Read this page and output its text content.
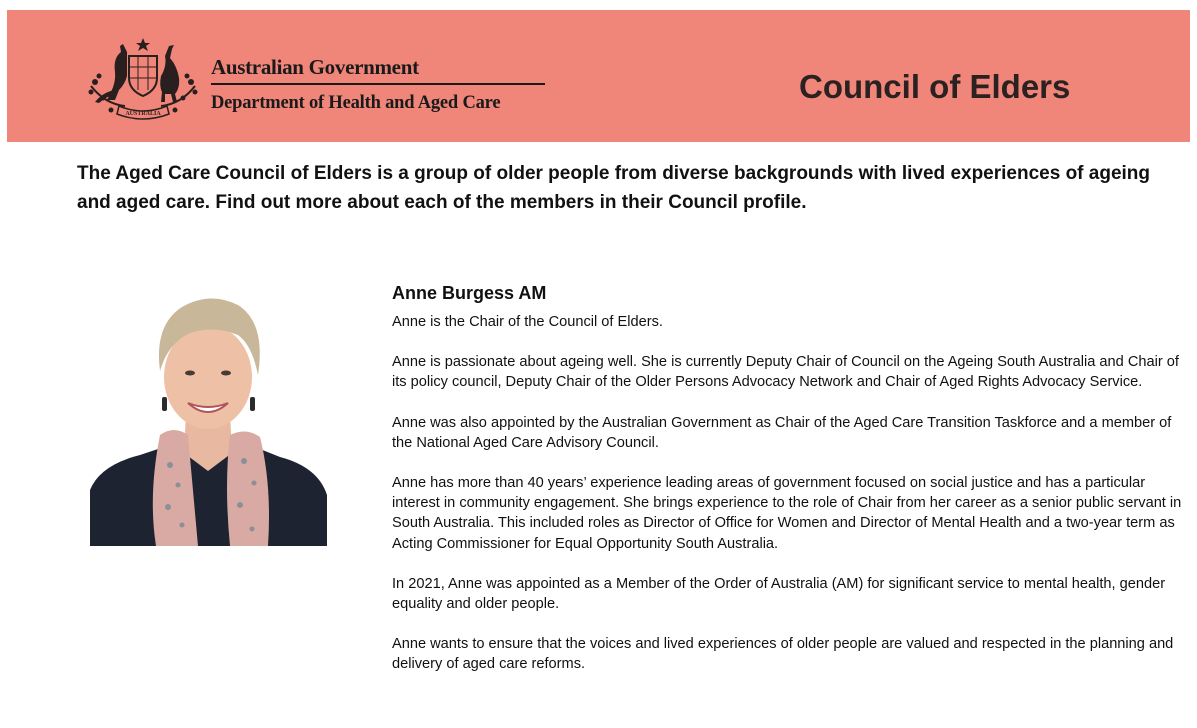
AUSTRALIA
Australian Government
Department of Health and Aged Care	Council of Elders

The Aged Care Council of Elders is a group of older people from diverse backgrounds with lived experiences of ageing and aged care. Find out more about each of the members in their Council profile.

Anne Burgess AM

Anne is the Chair of the Council of Elders.

Anne is passionate about ageing well. She is currently Deputy Chair of Council on the Ageing South Australia and Chair of its policy council, Deputy Chair of the Older Persons Advocacy Network and Chair of Aged Rights Advocacy Service.

Anne was also appointed by the Australian Government as Chair of the Aged Care Transition Taskforce and a member of the National Aged Care Advisory Council.

Anne has more than 40 years’ experience leading areas of government focused on social justice and has a particular interest in community engagement. She brings experience to the role of Chair from her career as a senior public servant in South Australia. This included roles as Director of Office for Women and Director of Mental Health and a two-year term as Acting Commissioner for Equal Opportunity South Australia.

In 2021, Anne was appointed as a Member of the Order of Australia (AM) for significant service to mental health, gender equality and older people.

Anne wants to ensure that the voices and lived experiences of older people are valued and respected in the planning and delivery of aged care reforms.
